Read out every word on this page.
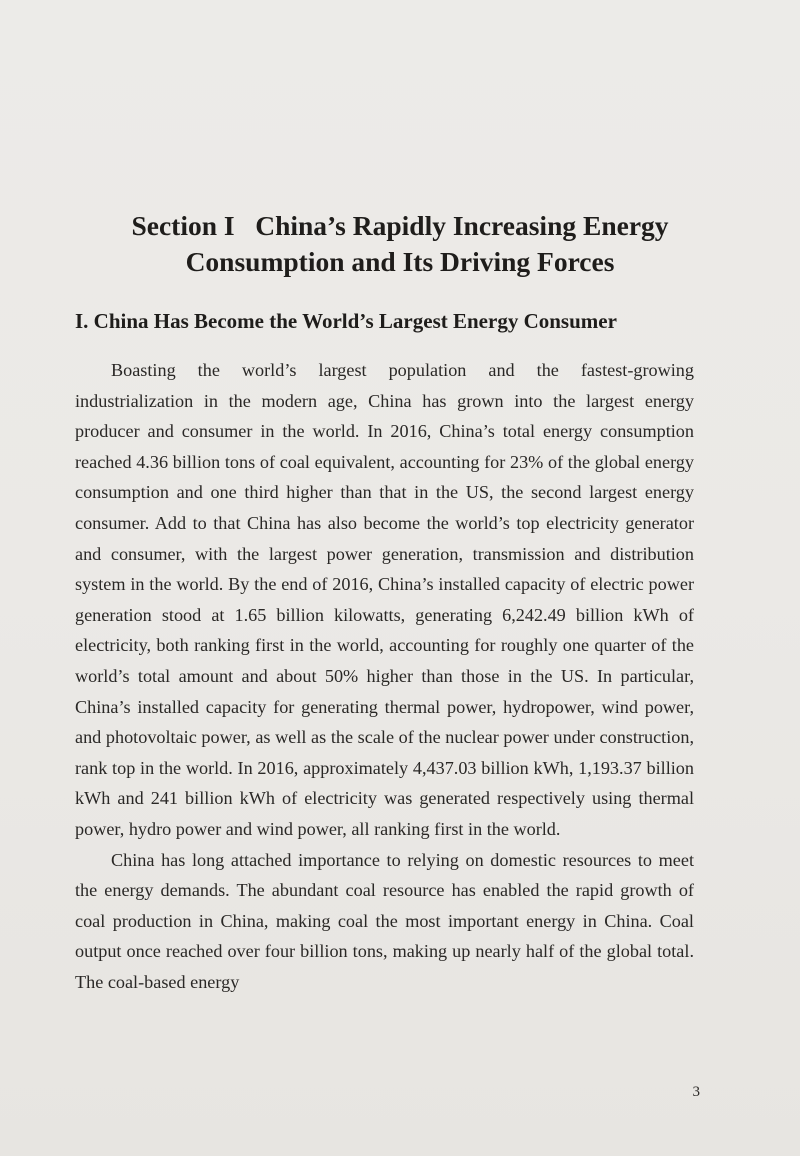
Section I   China’s Rapidly Increasing Energy
Consumption and Its Driving Forces
I. China Has Become the World’s Largest Energy Consumer

Boasting the world’s largest population and the fastest-growing industrialization in the modern age, China has grown into the largest energy producer and consumer in the world. In 2016, China’s total energy consumption reached 4.36 billion tons of coal equivalent, accounting for 23% of the global energy consumption and one third higher than that in the US, the second largest energy consumer. Add to that China has also become the world’s top electricity generator and consumer, with the largest power generation, transmission and distribution system in the world. By the end of 2016, China’s installed capacity of electric power generation stood at 1.65 billion kilowatts, generating 6,242.49 billion kWh of electricity, both ranking first in the world, accounting for roughly one quarter of the world’s total amount and about 50% higher than those in the US. In particular, China’s installed capacity for generating thermal power, hydropower, wind power, and photovoltaic power, as well as the scale of the nuclear power under construction, rank top in the world. In 2016, approximately 4,437.03 billion kWh, 1,193.37 billion kWh and 241 billion kWh of electricity was generated respectively using thermal power, hydro power and wind power, all ranking first in the world.

China has long attached importance to relying on domestic resources to meet the energy demands. The abundant coal resource has enabled the rapid growth of coal production in China, making coal the most important energy in China. Coal output once reached over four billion tons, making up nearly half of the global total. The coal-based energy

3
